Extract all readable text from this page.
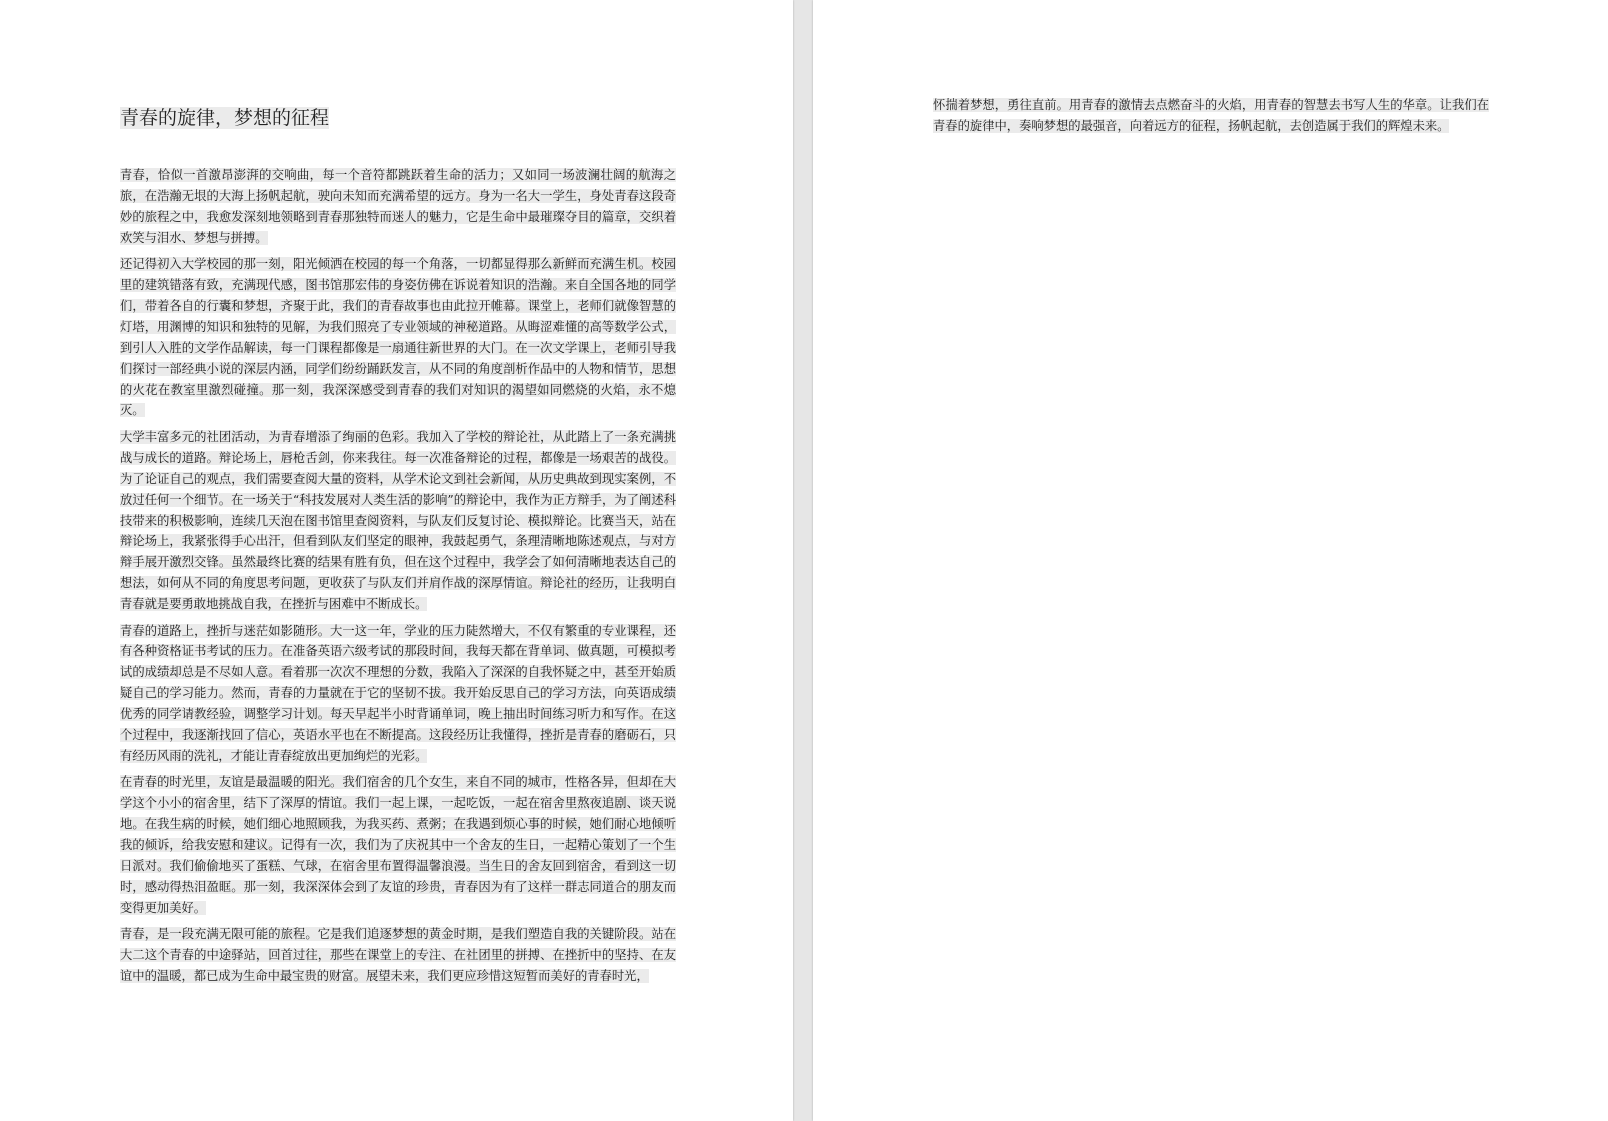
青春的旋律，梦想的征程

青春，恰似一首激昂澎湃的交响曲，每一个音符都跳跃着生命的活力；又如同一场波澜壮阔的航海之旅，在浩瀚无垠的大海上扬帆起航，驶向未知而充满希望的远方。身为一名大一学生，身处青春这段奇妙的旅程之中，我愈发深刻地领略到青春那独特而迷人的魅力，它是生命中最璀璨夺目的篇章，交织着欢笑与泪水、梦想与拼搏。

还记得初入大学校园的那一刻，阳光倾洒在校园的每一个角落，一切都显得那么新鲜而充满生机。校园里的建筑错落有致，充满现代感，图书馆那宏伟的身姿仿佛在诉说着知识的浩瀚。来自全国各地的同学们，带着各自的行囊和梦想，齐聚于此，我们的青春故事也由此拉开帷幕。课堂上，老师们就像智慧的灯塔，用渊博的知识和独特的见解，为我们照亮了专业领域的神秘道路。从晦涩难懂的高等数学公式，到引人入胜的文学作品解读，每一门课程都像是一扇通往新世界的大门。在一次文学课上，老师引导我们探讨一部经典小说的深层内涵，同学们纷纷踊跃发言，从不同的角度剖析作品中的人物和情节，思想的火花在教室里激烈碰撞。那一刻，我深深感受到青春的我们对知识的渴望如同燃烧的火焰，永不熄灭。

大学丰富多元的社团活动，为青春增添了绚丽的色彩。我加入了学校的辩论社，从此踏上了一条充满挑战与成长的道路。辩论场上，唇枪舌剑，你来我往。每一次准备辩论的过程，都像是一场艰苦的战役。为了论证自己的观点，我们需要查阅大量的资料，从学术论文到社会新闻，从历史典故到现实案例，不放过任何一个细节。在一场关于“科技发展对人类生活的影响”的辩论中，我作为正方辩手，为了阐述科技带来的积极影响，连续几天泡在图书馆里查阅资料，与队友们反复讨论、模拟辩论。比赛当天，站在辩论场上，我紧张得手心出汗，但看到队友们坚定的眼神，我鼓起勇气，条理清晰地陈述观点，与对方辩手展开激烈交锋。虽然最终比赛的结果有胜有负，但在这个过程中，我学会了如何清晰地表达自己的想法，如何从不同的角度思考问题，更收获了与队友们并肩作战的深厚情谊。辩论社的经历，让我明白青春就是要勇敢地挑战自我，在挫折与困难中不断成长。

青春的道路上，挫折与迷茫如影随形。大一这一年，学业的压力陡然增大，不仅有繁重的专业课程，还有各种资格证书考试的压力。在准备英语六级考试的那段时间，我每天都在背单词、做真题，可模拟考试的成绩却总是不尽如人意。看着那一次次不理想的分数，我陷入了深深的自我怀疑之中，甚至开始质疑自己的学习能力。然而，青春的力量就在于它的坚韧不拔。我开始反思自己的学习方法，向英语成绩优秀的同学请教经验，调整学习计划。每天早起半小时背诵单词，晚上抽出时间练习听力和写作。在这个过程中，我逐渐找回了信心，英语水平也在不断提高。这段经历让我懂得，挫折是青春的磨砺石，只有经历风雨的洗礼，才能让青春绽放出更加绚烂的光彩。

在青春的时光里，友谊是最温暖的阳光。我们宿舍的几个女生，来自不同的城市，性格各异，但却在大学这个小小的宿舍里，结下了深厚的情谊。我们一起上课，一起吃饭，一起在宿舍里熬夜追剧、谈天说地。在我生病的时候，她们细心地照顾我，为我买药、煮粥；在我遇到烦心事的时候，她们耐心地倾听我的倾诉，给我安慰和建议。记得有一次，我们为了庆祝其中一个舍友的生日，一起精心策划了一个生日派对。我们偷偷地买了蛋糕、气球，在宿舍里布置得温馨浪漫。当生日的舍友回到宿舍，看到这一切时，感动得热泪盈眶。那一刻，我深深体会到了友谊的珍贵，青春因为有了这样一群志同道合的朋友而变得更加美好。

青春，是一段充满无限可能的旅程。它是我们追逐梦想的黄金时期，是我们塑造自我的关键阶段。站在大二这个青春的中途驿站，回首过往，那些在课堂上的专注、在社团里的拼搏、在挫折中的坚持、在友谊中的温暖，都已成为生命中最宝贵的财富。展望未来，我们更应珍惜这短暂而美好的青春时光，

怀揣着梦想，勇往直前。用青春的激情去点燃奋斗的火焰，用青春的智慧去书写人生的华章。让我们在青春的旋律中，奏响梦想的最强音，向着远方的征程，扬帆起航，去创造属于我们的辉煌未来。
